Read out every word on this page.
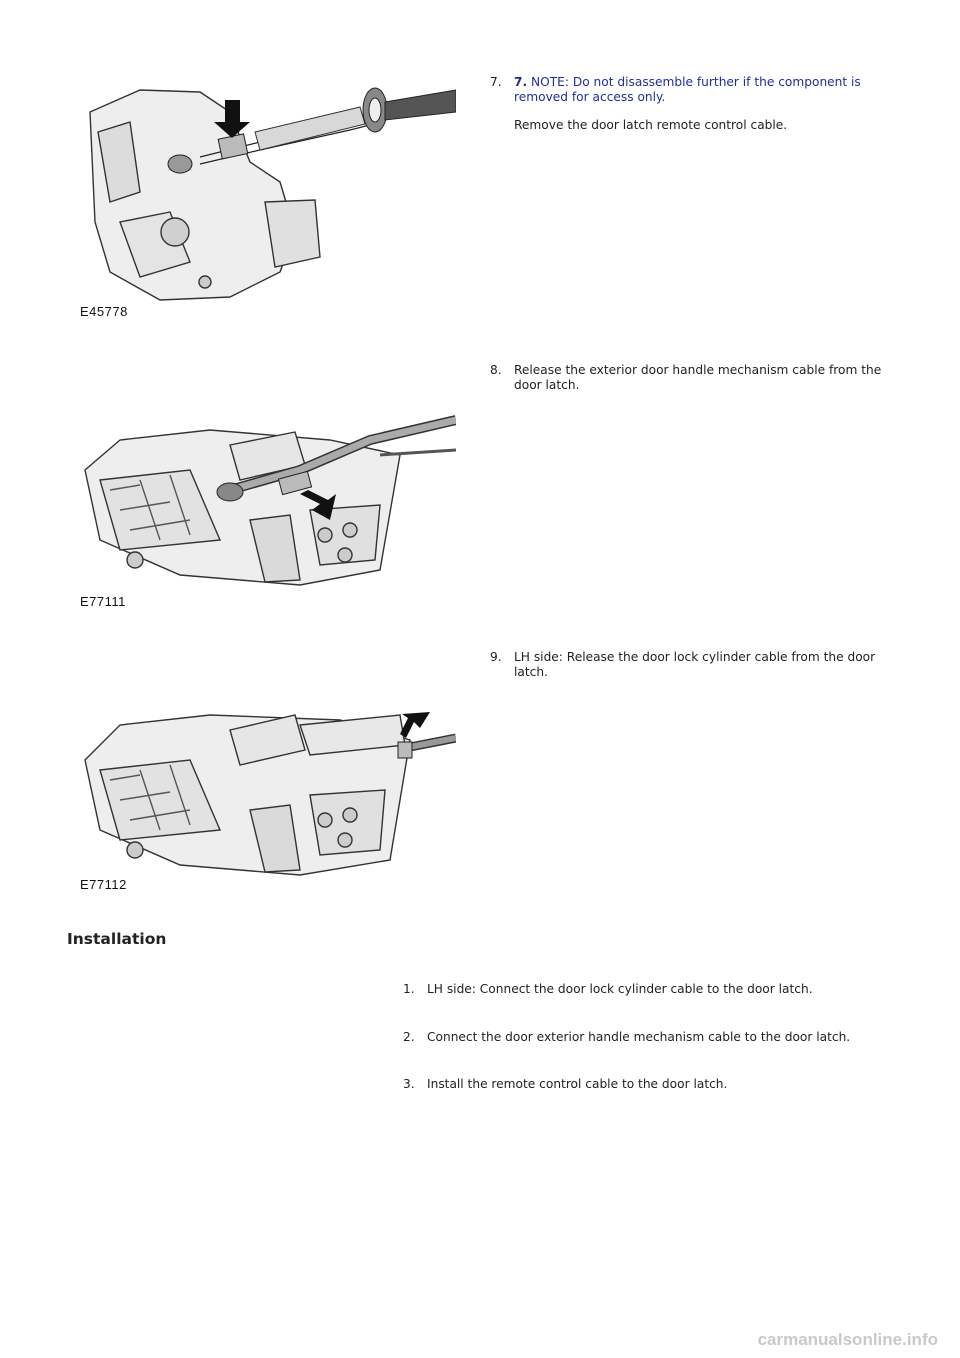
E45778
7. 7. NOTE: Do not disassemble further if the component is removed for access only.

Remove the door latch remote control cable.

E77111
8. Release the exterior door handle mechanism cable from the door latch.

E77112
9. LH side: Release the door lock cylinder cable from the door latch.

Installation
1. LH side: Connect the door lock cylinder cable to the door latch.
2. Connect the door exterior handle mechanism cable to the door latch.
3. Install the remote control cable to the door latch.
carmanualsonline.info
